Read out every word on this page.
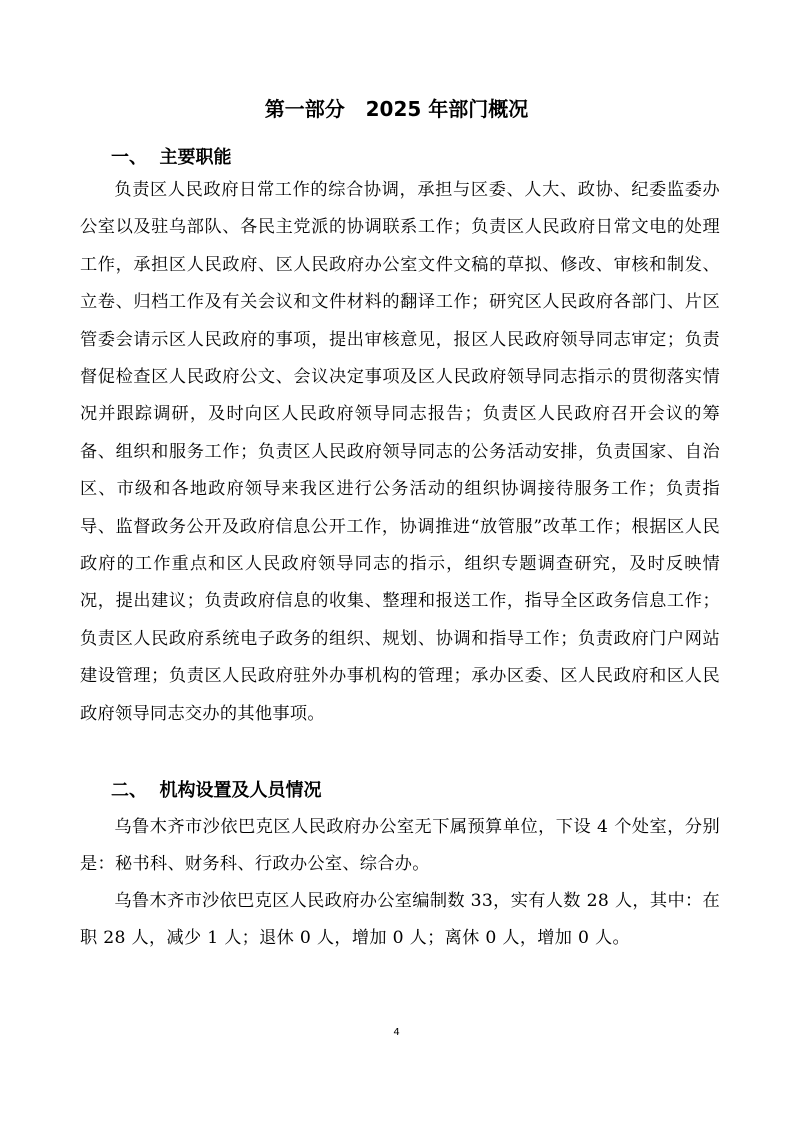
第一部分   2025 年部门概况
一、  主要职能

负责区人民政府日常工作的综合协调，承担与区委、人大、政协、纪委监委办公室以及驻乌部队、各民主党派的协调联系工作；负责区人民政府日常文电的处理工作，承担区人民政府、区人民政府办公室文件文稿的草拟、修改、审核和制发、立卷、归档工作及有关会议和文件材料的翻译工作；研究区人民政府各部门、片区管委会请示区人民政府的事项，提出审核意见，报区人民政府领导同志审定；负责督促检查区人民政府公文、会议决定事项及区人民政府领导同志指示的贯彻落实情况并跟踪调研，及时向区人民政府领导同志报告；负责区人民政府召开会议的筹备、组织和服务工作；负责区人民政府领导同志的公务活动安排，负责国家、自治区、市级和各地政府领导来我区进行公务活动的组织协调接待服务工作；负责指导、监督政务公开及政府信息公开工作，协调推进“放管服”改革工作；根据区人民政府的工作重点和区人民政府领导同志的指示，组织专题调查研究，及时反映情况，提出建议；负责政府信息的收集、整理和报送工作，指导全区政务信息工作；负责区人民政府系统电子政务的组织、规划、协调和指导工作；负责政府门户网站建设管理；负责区人民政府驻外办事机构的管理；承办区委、区人民政府和区人民政府领导同志交办的其他事项。

二、  机构设置及人员情况

乌鲁木齐市沙依巴克区人民政府办公室无下属预算单位，下设 4 个处室，分别是：秘书科、财务科、行政办公室、综合办。

乌鲁木齐市沙依巴克区人民政府办公室编制数 33，实有人数 28 人，其中：在职 28 人，减少 1 人；退休 0 人，增加 0 人；离休 0 人，增加 0 人。

4
